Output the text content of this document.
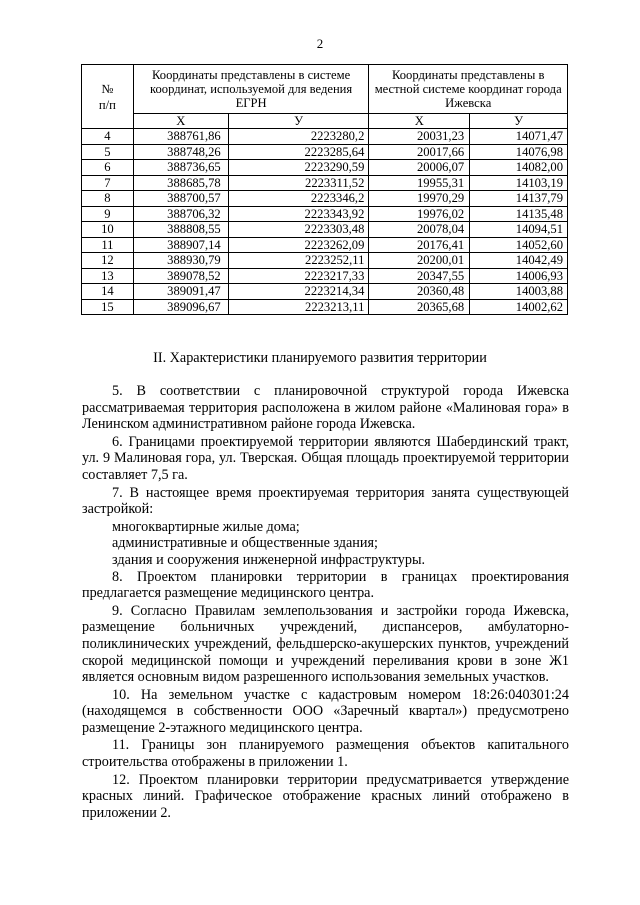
2
№
п/п	Координаты представлены в системе координат, используемой для ведения ЕГРН		Координаты представлены в местной системе координат города Ижевска	
	X	У	X	У
4	388761,86	2223280,2	20031,23	14071,47
5	388748,26	2223285,64	20017,66	14076,98
6	388736,65	2223290,59	20006,07	14082,00
7	388685,78	2223311,52	19955,31	14103,19
8	388700,57	2223346,2	19970,29	14137,79
9	388706,32	2223343,92	19976,02	14135,48
10	388808,55	2223303,48	20078,04	14094,51
11	388907,14	2223262,09	20176,41	14052,60
12	388930,79	2223252,11	20200,01	14042,49
13	389078,52	2223217,33	20347,55	14006,93
14	389091,47	2223214,34	20360,48	14003,88
15	389096,67	2223213,11	20365,68	14002,62
II. Характеристики планируемого развития территории

5. В соответствии с планировочной структурой города Ижевска рассматриваемая территория расположена в жилом районе «Малиновая гора» в Ленинском административном районе города Ижевска.

6. Границами проектируемой территории являются Шабердинский тракт, ул. 9 Малиновая гора, ул. Тверская. Общая площадь проектируемой территории составляет 7,5 га.

7. В настоящее время проектируемая территория занята существующей застройкой:

многоквартирные жилые дома;

административные и общественные здания;

здания и сооружения инженерной инфраструктуры.

8. Проектом планировки территории в границах проектирования предлагается размещение медицинского центра.

9. Согласно Правилам землепользования и застройки города Ижевска, размещение больничных учреждений, диспансеров, амбулаторно-поликлинических учреждений, фельдшерско-акушерских пунктов, учреждений скорой медицинской помощи и учреждений переливания крови в зоне Ж1 является основным видом разрешенного использования земельных участков.

10. На земельном участке с кадастровым номером 18:26:040301:24 (находящемся в собственности ООО «Заречный квартал») предусмотрено размещение 2-этажного медицинского центра.

11. Границы зон планируемого размещения объектов капитального строительства отображены в приложении 1.

12. Проектом планировки территории предусматривается утверждение красных линий. Графическое отображение красных линий отображено в приложении 2.
